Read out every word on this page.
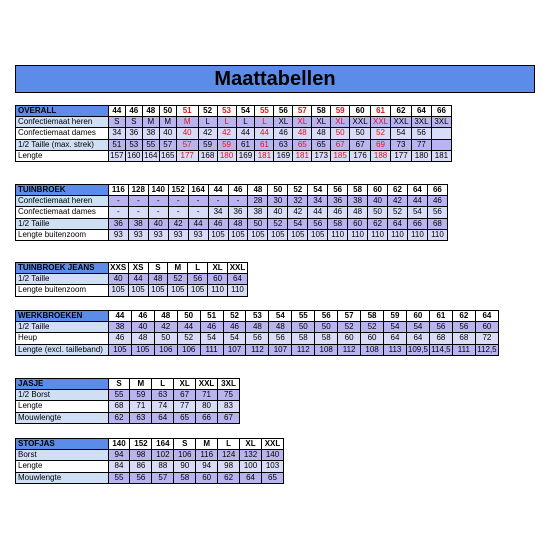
Maattabellen
OVERALL	44	46	48	50	51	52	53	54	55	56	57	58	59	60	61	62	64	66
Confectiemaat heren	S	S	M	M	M	L	L	L	L	XL	XL	XL	XL	XXL	XXL	XXL	3XL	3XL
Confectiemaat dames	34	36	38	40	40	42	42	44	44	46	48	48	50	50	52	54	56	
1/2 Taille (max. strek)	51	53	55	57	57	59	59	61	61	63	65	65	67	67	69	73	77	
Lengte	157	160	164	165	177	168	180	169	181	169	181	173	185	176	188	177	180	181
TUINBROEK	116	128	140	152	164	44	46	48	50	52	54	56	58	60	62	64	66
Confectiemaat heren	-	-	-	-	-	-	-	28	30	32	34	36	38	40	42	44	46
Confectiemaat dames	-	-	-	-	-	34	36	38	40	42	44	46	48	50	52	54	56
1/2 Taille	36	38	40	42	44	46	48	50	52	54	56	58	60	62	64	66	68
Lengte buitenzoom	93	93	93	93	93	105	105	105	105	105	105	110	110	110	110	110	110
TUINBROEK JEANS	XXS	XS	S	M	L	XL	XXL
1/2 Taille	40	44	48	52	56	60	64
Lengte buitenzoom	105	105	105	105	105	110	110
WERKBROEKEN	44	46	48	50	51	52	53	54	55	56	57	58	59	60	61	62	64
1/2 Taille	38	40	42	44	46	46	48	48	50	50	52	52	54	54	56	56	60
Heup	46	48	50	52	54	54	56	56	58	58	60	60	64	64	68	68	72
Lengte (excl. tailleband)	105	105	106	106	111	107	112	107	112	108	112	108	113	109,5	114,5	111	112,5
JASJE	S	M	L	XL	XXL	3XL
1/2 Borst	55	59	63	67	71	75
Lengte	68	71	74	77	80	83
Mouwlengte	62	63	64	65	66	67
STOFJAS	140	152	164	S	M	L	XL	XXL
Borst	94	98	102	106	116	124	132	140
Lengte	84	86	88	90	94	98	100	103
Mouwlengte	55	56	57	58	60	62	64	65
